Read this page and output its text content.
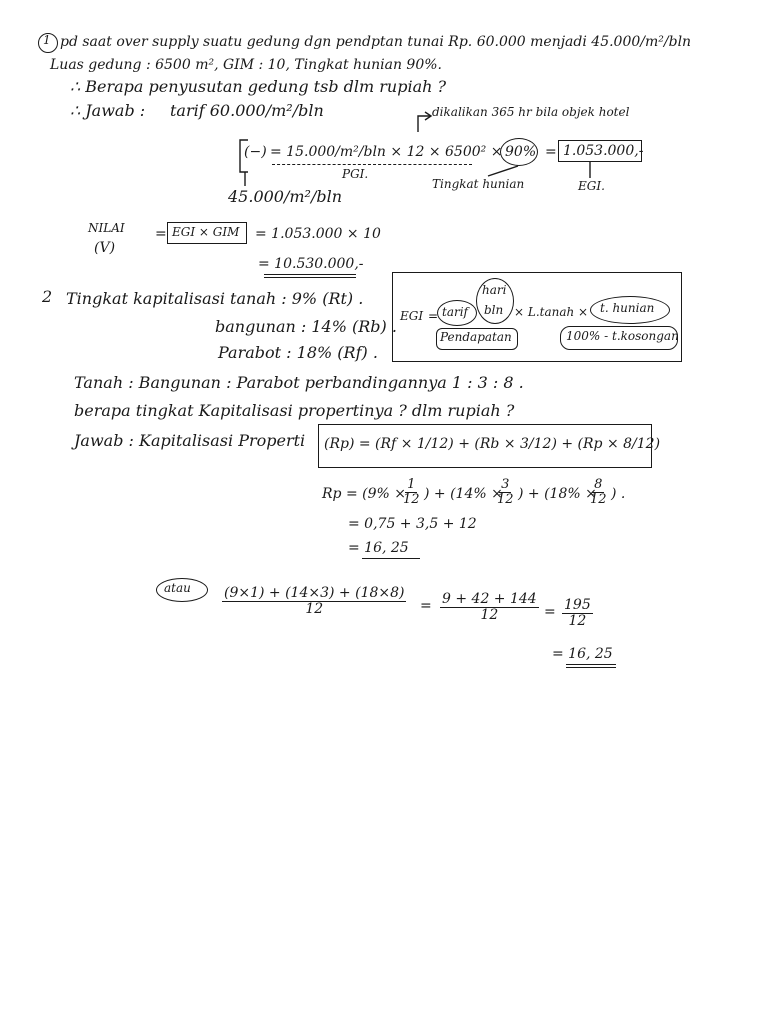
1 pd saat over supply suatu gedung dgn pendptan tunai Rp. 60.000 menjadi 45.000/m²/bln
Luas gedung : 6500 m², GIM : 10, Tingkat hunian 90%.
∴ Berapa penyusutan gedung tsb dlm rupiah ?
∴ Jawab : tarif 60.000/m²/bln	dikalikan 365 hr bila objek hotel
(−) = 15.000/m²/bln × 12 × 6500² × 90% = 1.053.000,-
PGI.
Tingkat hunian	EGI.
45.000/m²/bln
NILAI
(V)
= EGI × GIM = 1.053.000 × 10
= 10.530.000,-
2 Tingkat kapitalisasi tanah : 9% (Rt) .
bangunan : 14% (Rb) .
Parabot : 18% (Rf) .
EGI = tarif
hari
bln
Pendapatan
× L.tanah × t. hunian
100% - t.kosongan
Tanah : Bangunan : Parabot perbandingannya 1 : 3 : 8 .
berapa tingkat Kapitalisasi propertinya ? dlm rupiah ?
Jawab : Kapitalisasi Properti (Rp) = (Rf × 1/12) + (Rb × 3/12) + (Rp × 8/12)
Rp = (9% ×
$\frac{1}{12}$ ) + (14% ×
$\frac{3}{12}$ ) + (18% ×
$\frac{8}{12}$ ) .
= 0,75 + 3,5 + 12
= 16, 25
atau $\frac{(9\times 1) + (14\times 3) + (18\times 8)}{12} = \frac{9 + 42 + 144}{12} = \frac{195}{12}$
= 16, 25
